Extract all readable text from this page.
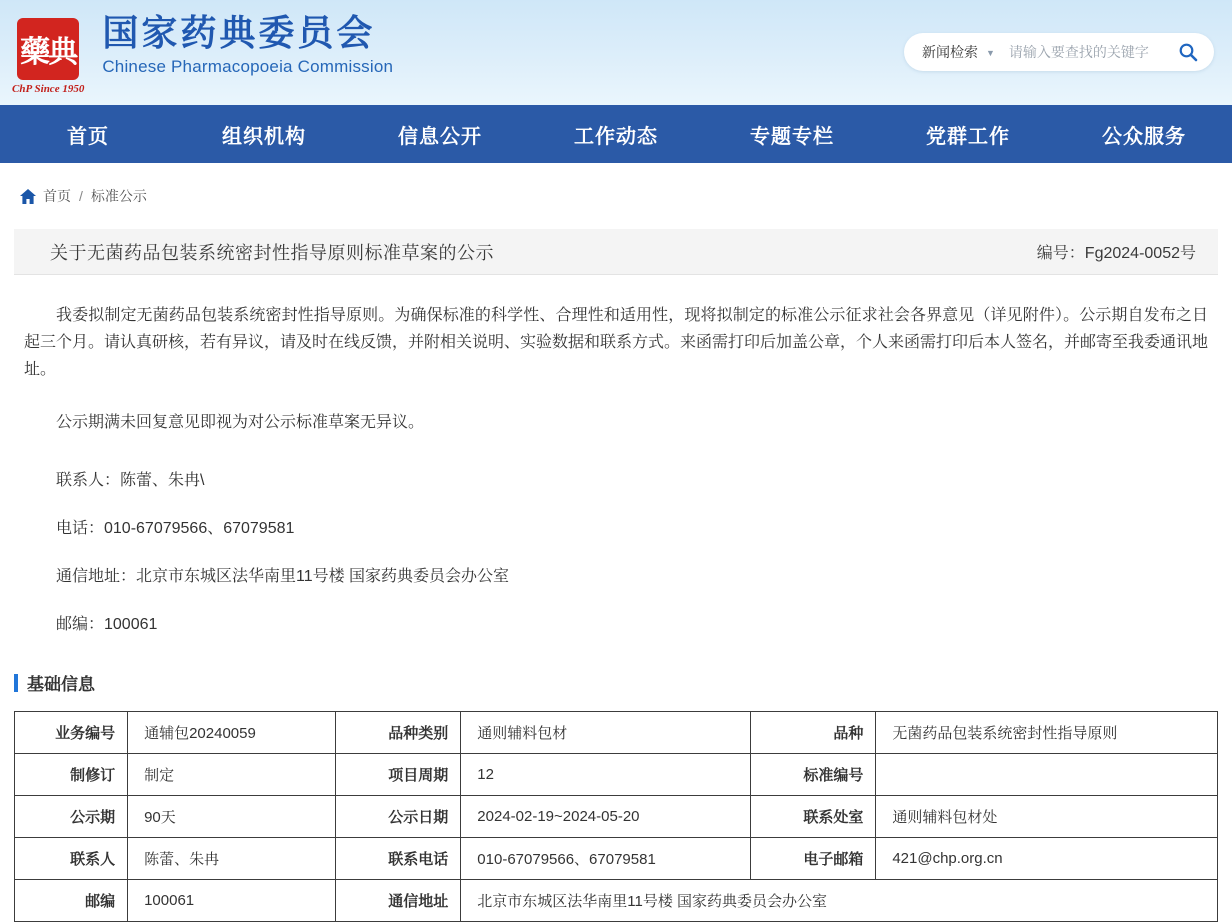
藥典
ChP Since 1950
国家药典委员会
Chinese Pharmacopoeia Commission
新闻检索 ▼
请输入要查找的关键字
首页	组织机构	信息公开	工作动态	专题专栏	党群工作	公众服务
首页 / 标准公示
关于无菌药品包装系统密封性指导原则标准草案的公示	编号：Fg2024-0052号

我委拟制定无菌药品包装系统密封性指导原则。为确保标准的科学性、合理性和适用性，现将拟制定的标准公示征求社会各界意见（详见附件）。公示期自发布之日起三个月。请认真研核，若有异议，请及时在线反馈，并附相关说明、实验数据和联系方式。来函需打印后加盖公章，个人来函需打印后本人签名，并邮寄至我委通讯地址。

公示期满未回复意见即视为对公示标准草案无异议。

联系人：陈蕾、朱冉\

电话：010-67079566、67079581

通信地址：北京市东城区法华南里11号楼 国家药典委员会办公室

邮编：100061

基础信息
业务编号	通辅包20240059	品种类别	通则辅料包材	品种	无菌药品包装系统密封性指导原则
制修订	制定	项目周期	12	标准编号	
公示期	90天	公示日期	2024-02-19~2024-05-20	联系处室	通则辅料包材处
联系人	陈蕾、朱冉	联系电话	010-67079566、67079581	电子邮箱	421@chp.org.cn
邮编	100061	通信地址	北京市东城区法华南里11号楼 国家药典委员会办公室		
